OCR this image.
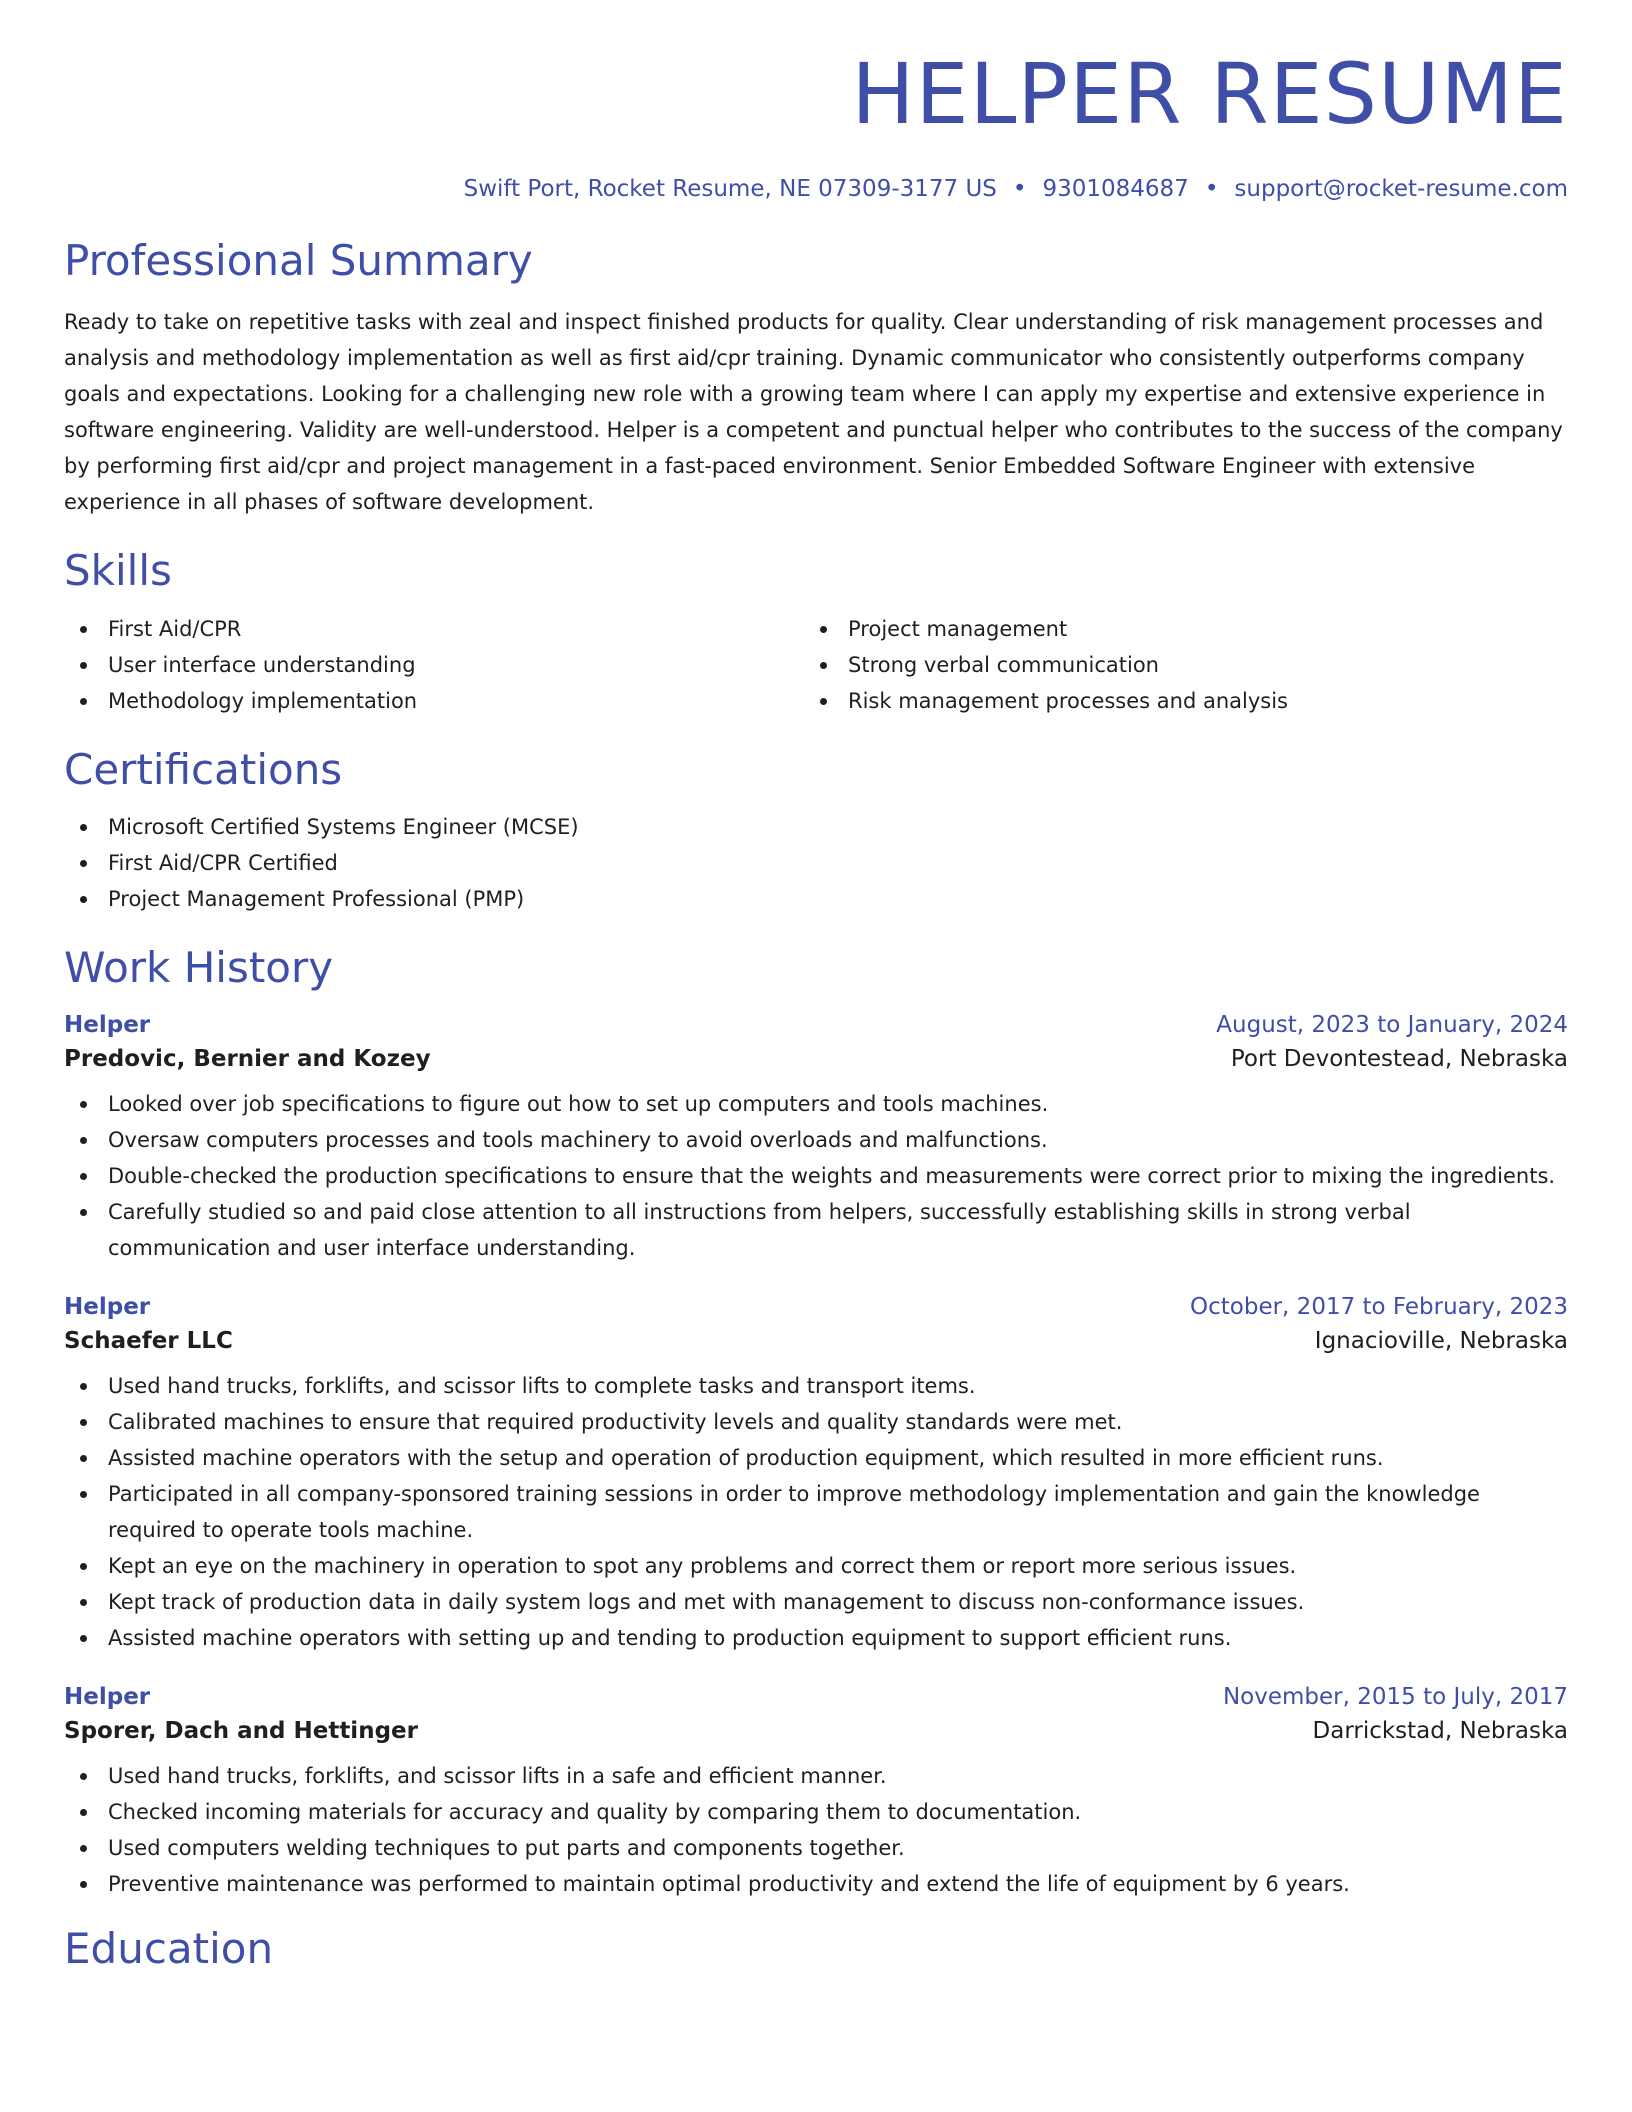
HELPER RESUME
Swift Port, Rocket Resume, NE 07309-3177 US • 9301084687 • support@rocket-resume.com
Professional Summary

Ready to take on repetitive tasks with zeal and inspect finished products for quality. Clear understanding of risk management processes and analysis and methodology implementation as well as first aid/cpr training. Dynamic communicator who consistently outperforms company goals and expectations. Looking for a challenging new role with a growing team where I can apply my expertise and extensive experience in software engineering. Validity are well-understood. Helper is a competent and punctual helper who contributes to the success of the company by performing first aid/cpr and project management in a fast-paced environment. Senior Embedded Software Engineer with extensive experience in all phases of software development.

Skills
First Aid/CPR
User interface understanding
Methodology implementation
Project management
Strong verbal communication
Risk management processes and analysis
Certifications
Microsoft Certified Systems Engineer (MCSE)
First Aid/CPR Certified
Project Management Professional (PMP)
Work History
Helper	August, 2023 to January, 2024
Predovic, Bernier and Kozey	Port Devontestead, Nebraska
Looked over job specifications to figure out how to set up computers and tools machines.
Oversaw computers processes and tools machinery to avoid overloads and malfunctions.
Double-checked the production specifications to ensure that the weights and measurements were correct prior to mixing the ingredients.
Carefully studied so and paid close attention to all instructions from helpers, successfully establishing skills in strong verbal communication and user interface understanding.
Helper	October, 2017 to February, 2023
Schaefer LLC	Ignacioville, Nebraska
Used hand trucks, forklifts, and scissor lifts to complete tasks and transport items.
Calibrated machines to ensure that required productivity levels and quality standards were met.
Assisted machine operators with the setup and operation of production equipment, which resulted in more efficient runs.
Participated in all company-sponsored training sessions in order to improve methodology implementation and gain the knowledge required to operate tools machine.
Kept an eye on the machinery in operation to spot any problems and correct them or report more serious issues.
Kept track of production data in daily system logs and met with management to discuss non-conformance issues.
Assisted machine operators with setting up and tending to production equipment to support efficient runs.
Helper	November, 2015 to July, 2017
Sporer, Dach and Hettinger	Darrickstad, Nebraska
Used hand trucks, forklifts, and scissor lifts in a safe and efficient manner.
Checked incoming materials for accuracy and quality by comparing them to documentation.
Used computers welding techniques to put parts and components together.
Preventive maintenance was performed to maintain optimal productivity and extend the life of equipment by 6 years.
Education
